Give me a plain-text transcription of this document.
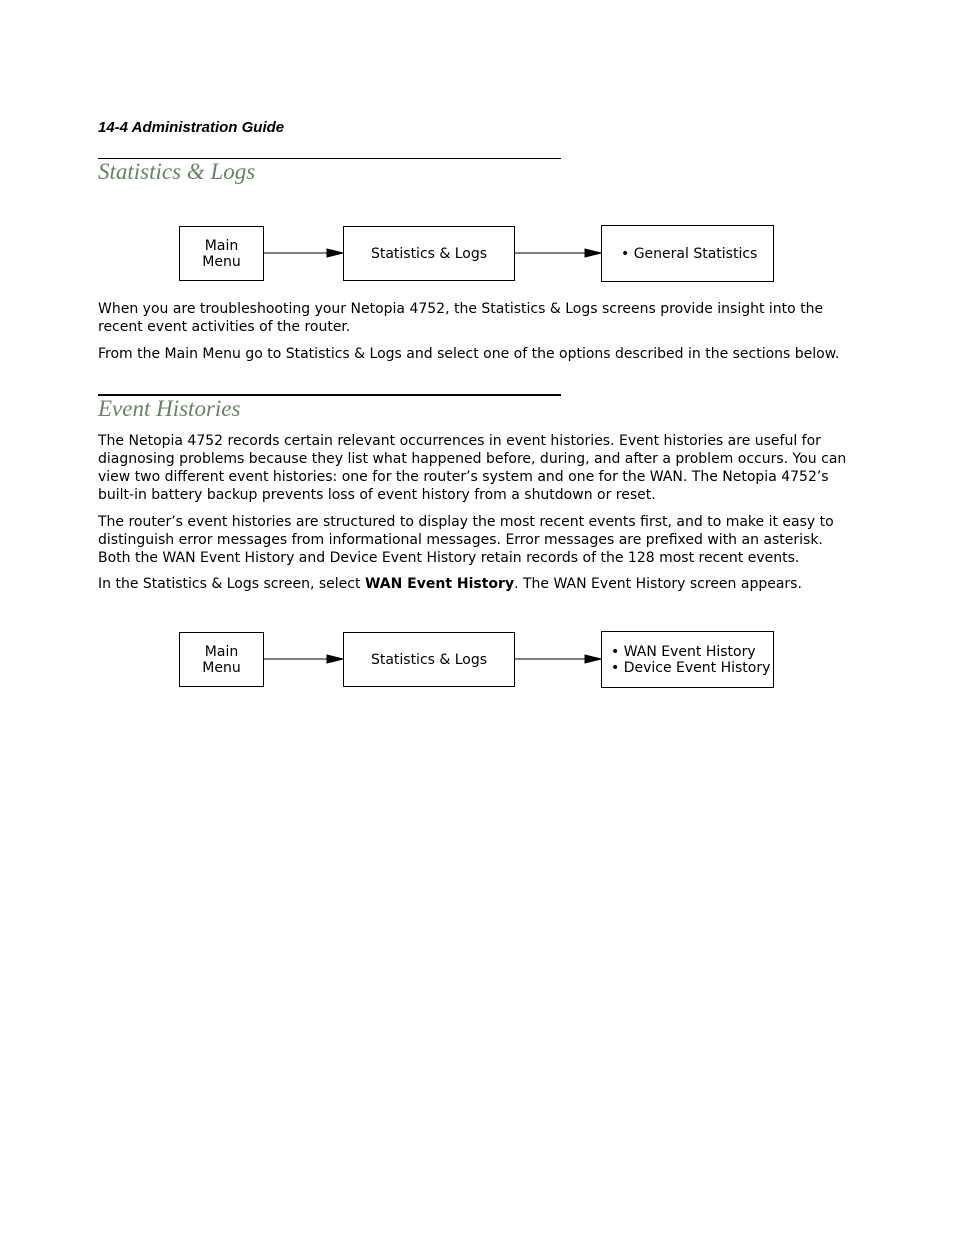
14-4 Administration Guide
Statistics & Logs
Main
Menu	Statistics & Logs	• General Statistics

When you are troubleshooting your Netopia 4752, the Statistics & Logs screens provide insight into the recent event activities of the router.

From the Main Menu go to Statistics & Logs and select one of the options described in the sections below.

Event Histories

The Netopia 4752 records certain relevant occurrences in event histories. Event histories are useful for diagnosing problems because they list what happened before, during, and after a problem occurs. You can view two different event histories: one for the router’s system and one for the WAN. The Netopia 4752’s built-in battery backup prevents loss of event history from a shutdown or reset.

The router’s event histories are structured to display the most recent events first, and to make it easy to distinguish error messages from informational messages. Error messages are prefixed with an asterisk. Both the WAN Event History and Device Event History retain records of the 128 most recent events.

In the Statistics & Logs screen, select WAN Event History. The WAN Event History screen appears.

Main
Menu	Statistics & Logs	• WAN Event History
• Device Event History
